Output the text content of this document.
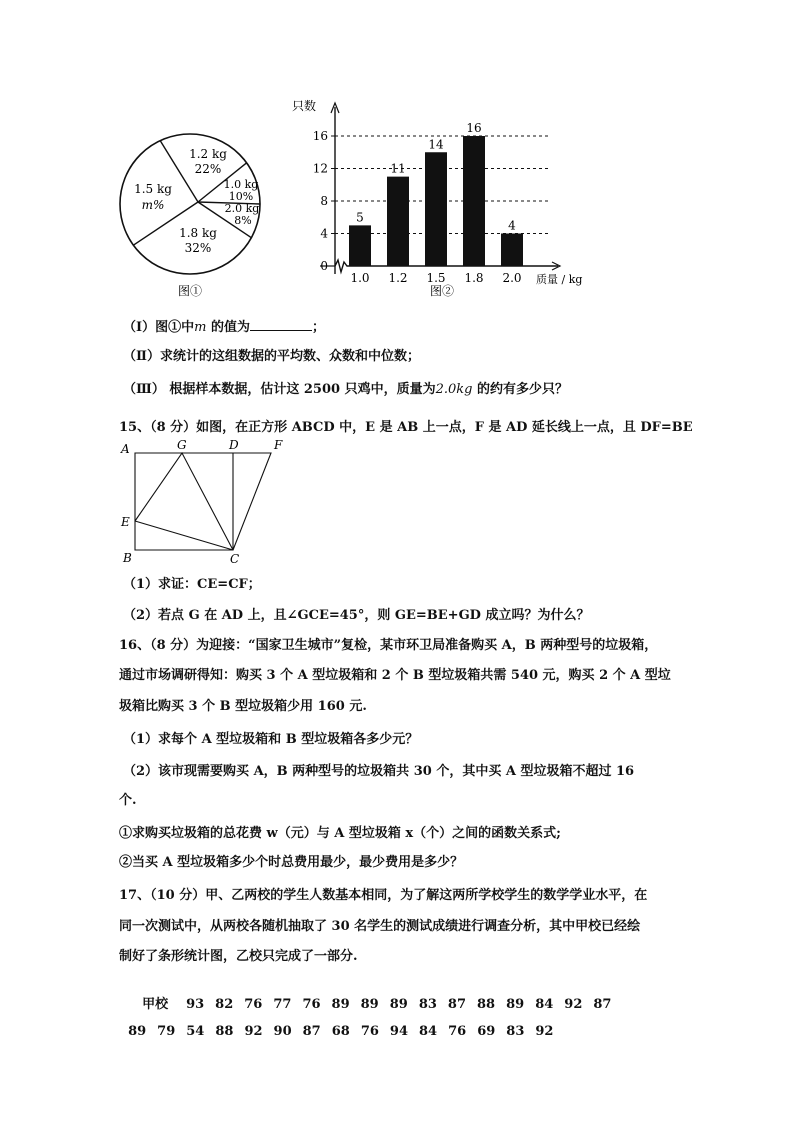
1.2 kg
22%
1.0 kg
10%
2.0 kg
8%
1.8 kg
32%
1.5 kg
m%
图①
只数
质量 / kg
图②
0
4
8
12
16
5
1.0
11
1.2
14
1.5
16
1.8
4
2.0
（Ⅰ）图①中m 的值为	；
（Ⅱ）求统计的这组数据的平均数、众数和中位数；
（Ⅲ） 根据样本数据，估计这 2500 只鸡中，质量为2.0kg 的约有多少只？
15、（8 分）如图，在正方形 ABCD 中，E 是 AB 上一点，F 是 AD 延长线上一点，且 DF=BE
A	G	D	F
E
B	C
（1）求证：CE=CF；
（2）若点 G 在 AD 上，且∠GCE=45°，则 GE=BE+GD 成立吗？为什么？
16、（8 分）为迎接：“国家卫生城市”复检，某市环卫局准备购买 A，B 两种型号的垃圾箱，
通过市场调研得知：购买 3 个 A 型垃圾箱和 2 个 B 型垃圾箱共需 540 元，购买 2 个 A 型垃
圾箱比购买 3 个 B 型垃圾箱少用 160 元.
（1）求每个 A 型垃圾箱和 B 型垃圾箱各多少元？
（2）该市现需要购买 A，B 两种型号的垃圾箱共 30 个，其中买 A 型垃圾箱不超过 16
个.
①求购买垃圾箱的总花费 w（元）与 A 型垃圾箱 x（个）之间的函数关系式;
②当买 A 型垃圾箱多少个时总费用最少，最少费用是多少？
17、（10 分）甲、乙两校的学生人数基本相同，为了解这两所学校学生的数学学业水平，在
同一次测试中，从两校各随机抽取了 30 名学生的测试成绩进行调查分析，其中甲校已经绘
制好了条形统计图，乙校只完成了一部分.

甲校 93 82 76 77 76 89 89 89 83 87 88 89 84 92 87

89 79 54 88 92 90 87 68 76 94 84 76 69 83 92
